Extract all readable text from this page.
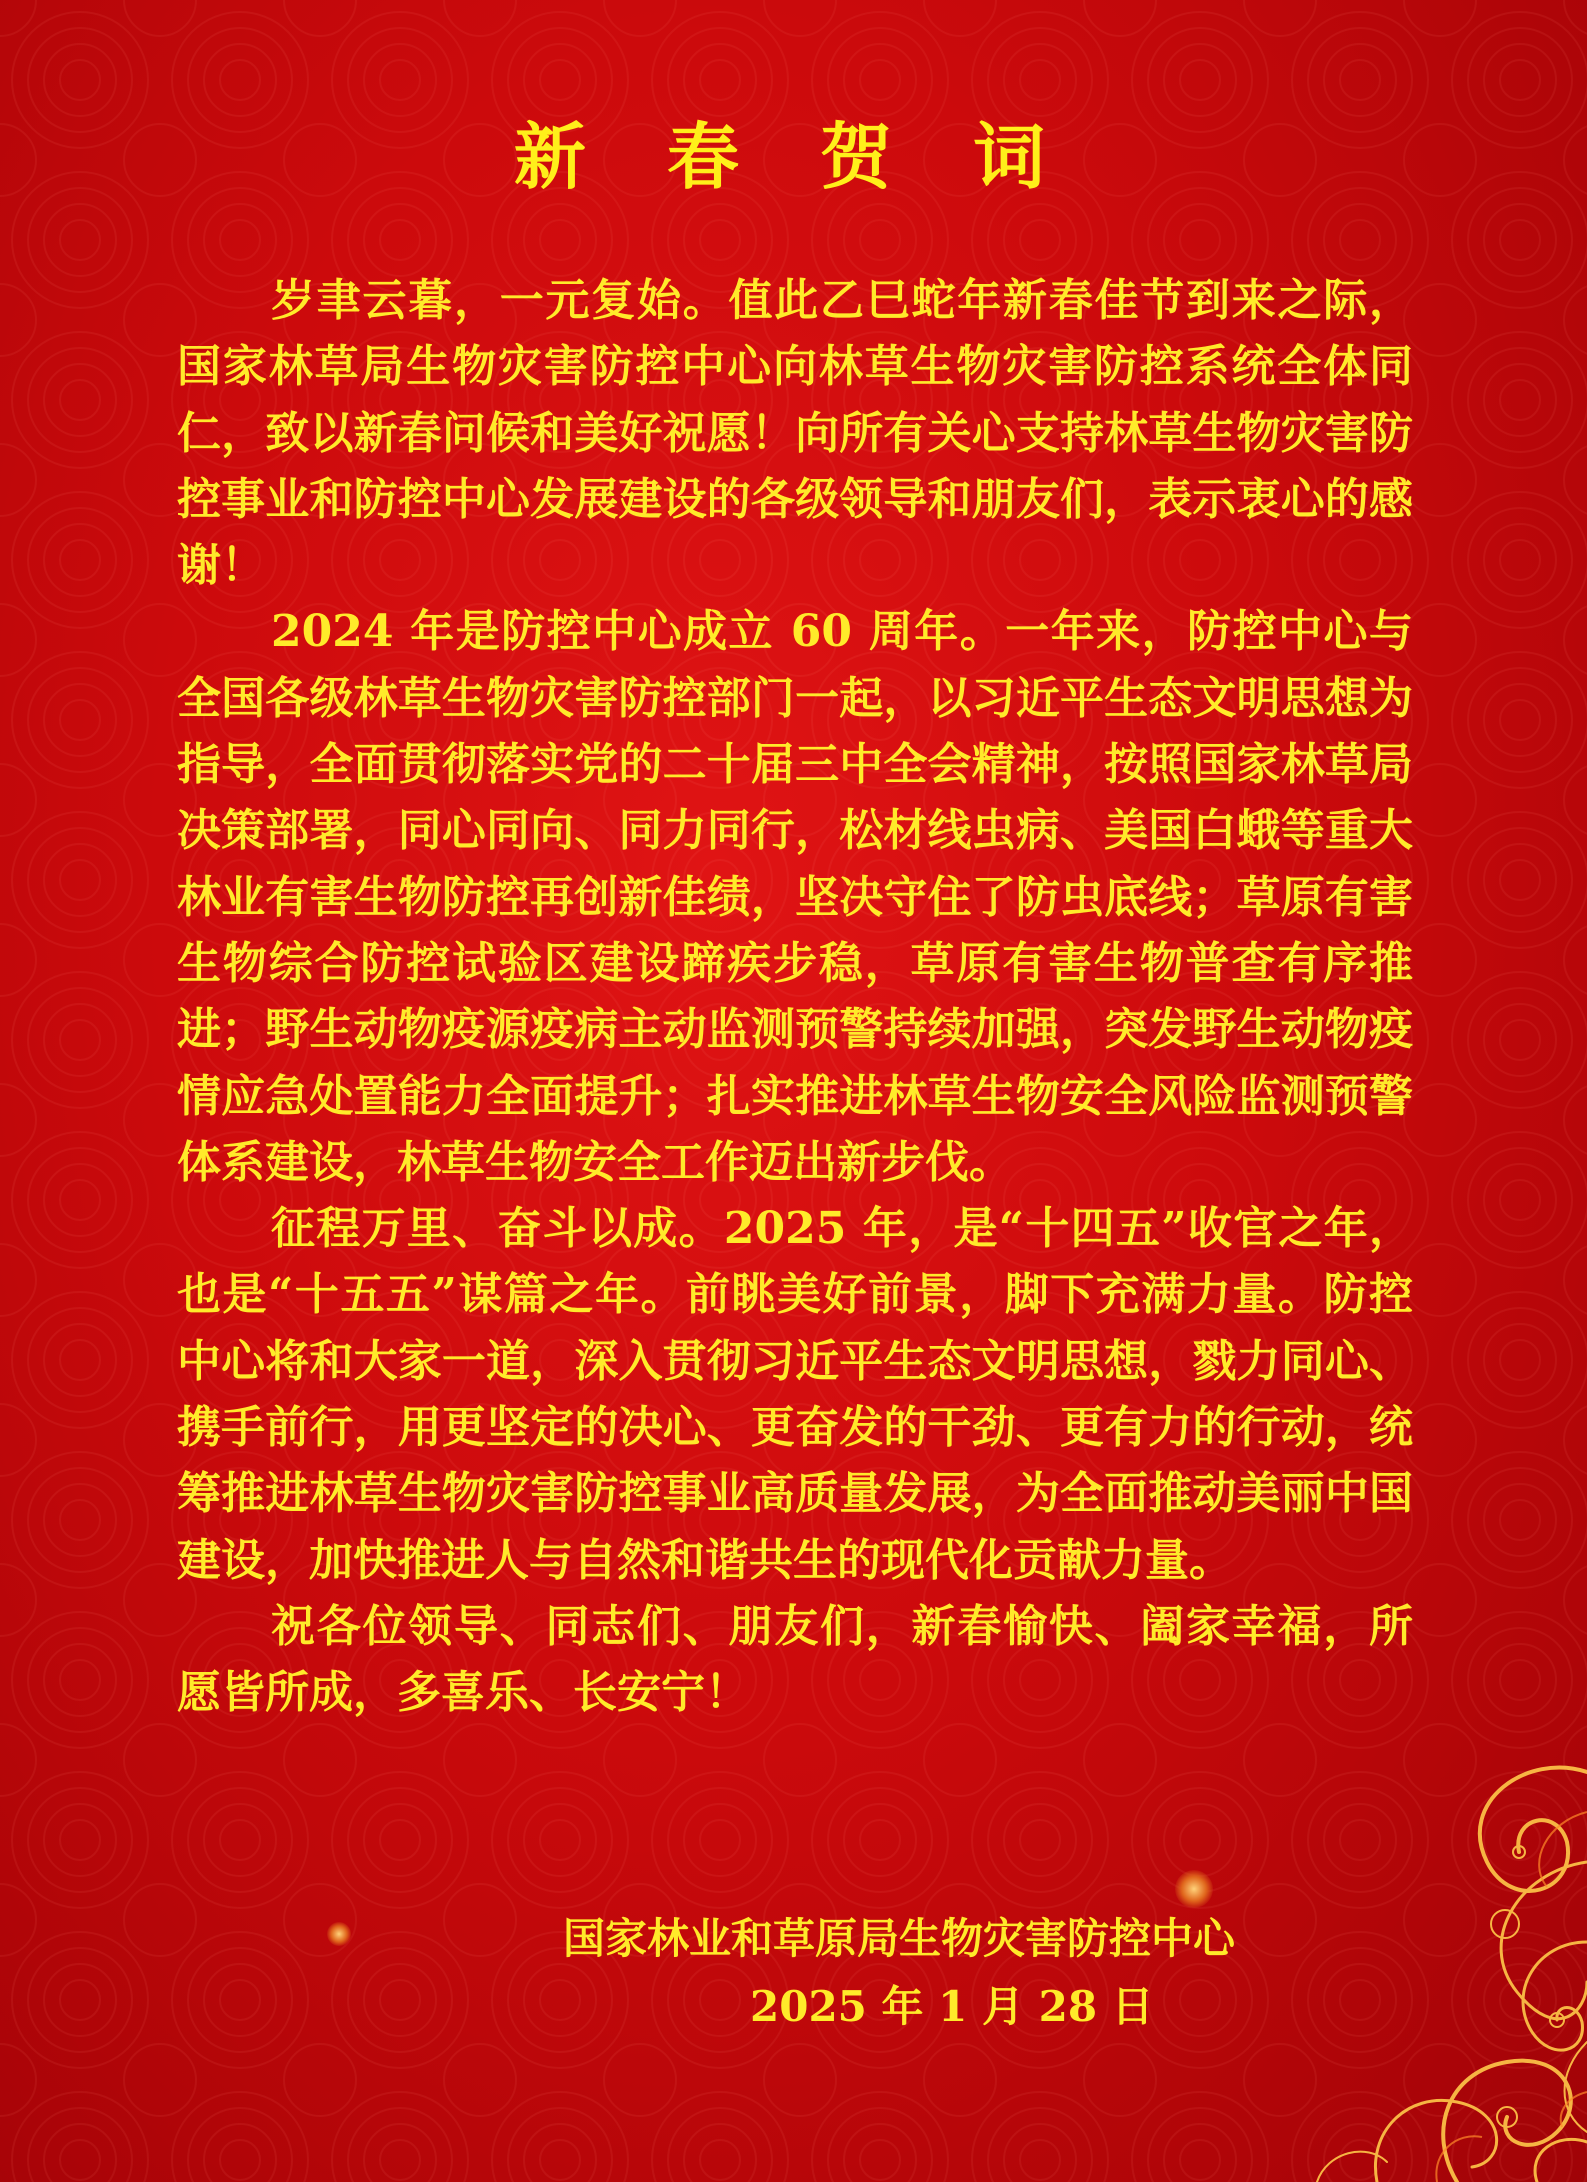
新 春 贺 词

岁聿云暮，一元复始。值此乙巳蛇年新春佳节到来之际，国家林草局生物灾害防控中心向林草生物灾害防控系统全体同仁，致以新春问候和美好祝愿！向所有关心支持林草生物灾害防控事业和防控中心发展建设的各级领导和朋友们，表示衷心的感谢！

2024 年是防控中心成立 60 周年。一年来，防控中心与全国各级林草生物灾害防控部门一起，以习近平生态文明思想为指导，全面贯彻落实党的二十届三中全会精神，按照国家林草局决策部署，同心同向、同力同行，松材线虫病、美国白蛾等重大林业有害生物防控再创新佳绩，坚决守住了防虫底线；草原有害生物综合防控试验区建设蹄疾步稳，草原有害生物普查有序推进；野生动物疫源疫病主动监测预警持续加强，突发野生动物疫情应急处置能力全面提升；扎实推进林草生物安全风险监测预警体系建设，林草生物安全工作迈出新步伐。

征程万里、奋斗以成。2025 年，是“十四五”收官之年，也是“十五五”谋篇之年。前眺美好前景，脚下充满力量。防控中心将和大家一道，深入贯彻习近平生态文明思想，戮力同心、携手前行，用更坚定的决心、更奋发的干劲、更有力的行动，统筹推进林草生物灾害防控事业高质量发展，为全面推动美丽中国建设，加快推进人与自然和谐共生的现代化贡献力量。

祝各位领导、同志们、朋友们，新春愉快、阖家幸福，所愿皆所成，多喜乐、长安宁！

国家林业和草原局生物灾害防控中心
2025 年 1 月 28 日
